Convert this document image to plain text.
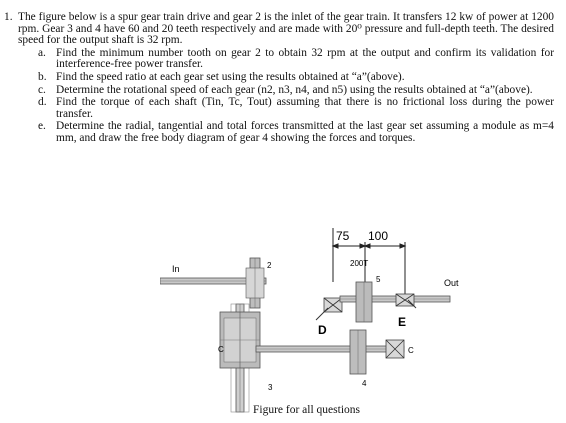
1. The figure below is a spur gear train drive and gear 2 is the inlet of the gear train. It transfers 12 kw of power at 1200 rpm. Gear 3 and 4 have 60 and 20 teeth respectively and are made with 20⁰ pressure and full-depth teeth. The desired speed for the output shaft is 32 rpm.
a. Find the minimum number tooth on gear 2 to obtain 32 rpm at the output and confirm its validation for interference-free power transfer.
b. Find the speed ratio at each gear set using the results obtained at “a”(above).
c. Determine the rotational speed of each gear (n2, n3, n4, and n5) using the results obtained at “a”(above).
d. Find the torque of each shaft (Tin, Tc, Tout) assuming that there is no frictional loss during the power transfer.
e. Determine the radial, tangential and total forces transmitted at the last gear set assuming a module as m=4 mm, and draw the free body diagram of gear 4 showing the forces and torques.
75 100
200T
In
Out
2
3
C
D
4
5
E
C
Figure for all questions
